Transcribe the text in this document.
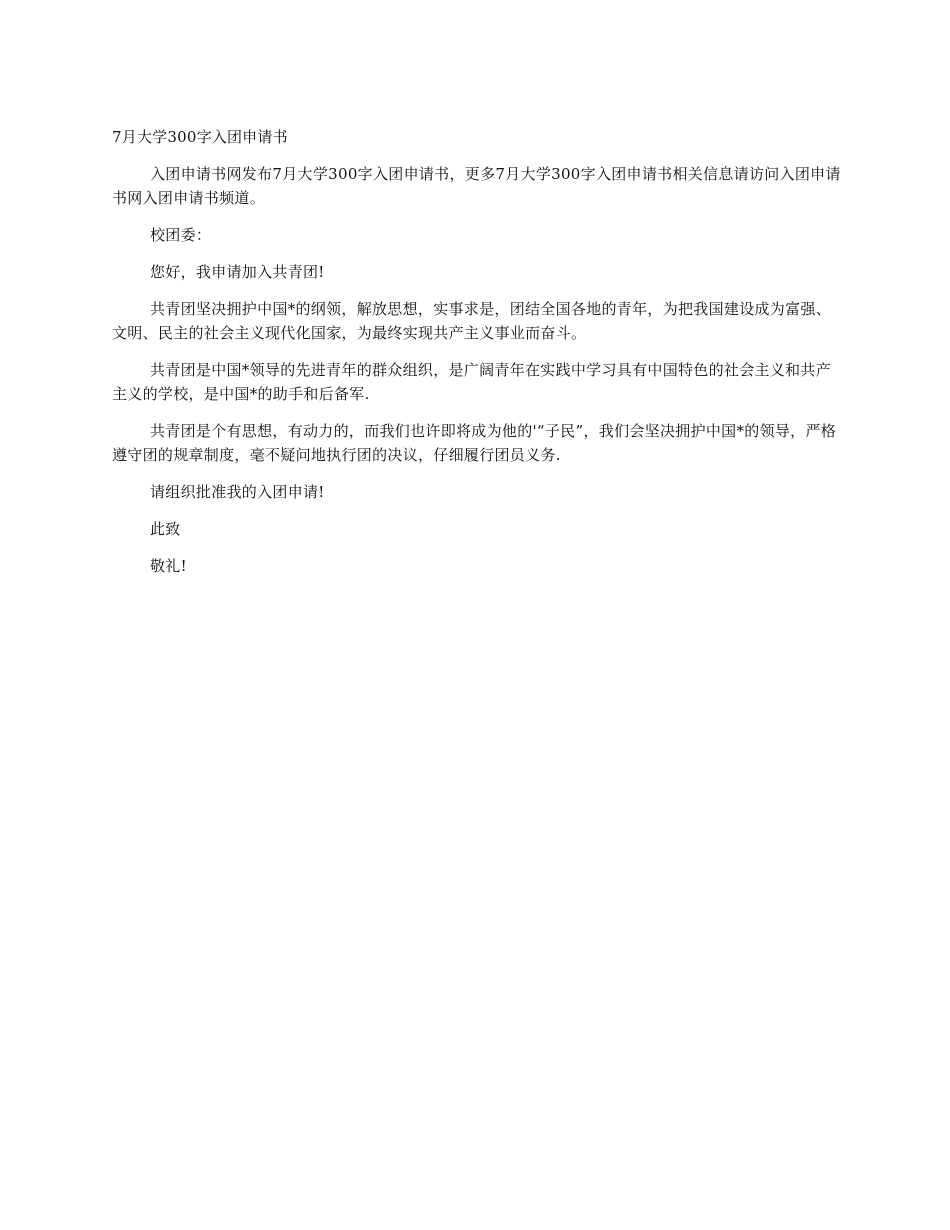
7月大学300字入团申请书

入团申请书网发布7月大学300字入团申请书，更多7月大学300字入团申请书相关信息请访问入团申请书网入团申请书频道。

校团委：

您好，我申请加入共青团!

共青团坚决拥护中国*的纲领，解放思想，实事求是，团结全国各地的青年，为把我国建设成为富强、文明、民主的社会主义现代化国家，为最终实现共产主义事业而奋斗。

共青团是中国*领导的先进青年的群众组织，是广阔青年在实践中学习具有中国特色的社会主义和共产主义的学校，是中国*的助手和后备军.

共青团是个有思想，有动力的，而我们也许即将成为他的'“子民”，我们会坚决拥护中国*的领导，严格遵守团的规章制度，毫不疑问地执行团的决议，仔细履行团员义务.

请组织批准我的入团申请!

此致

敬礼!
